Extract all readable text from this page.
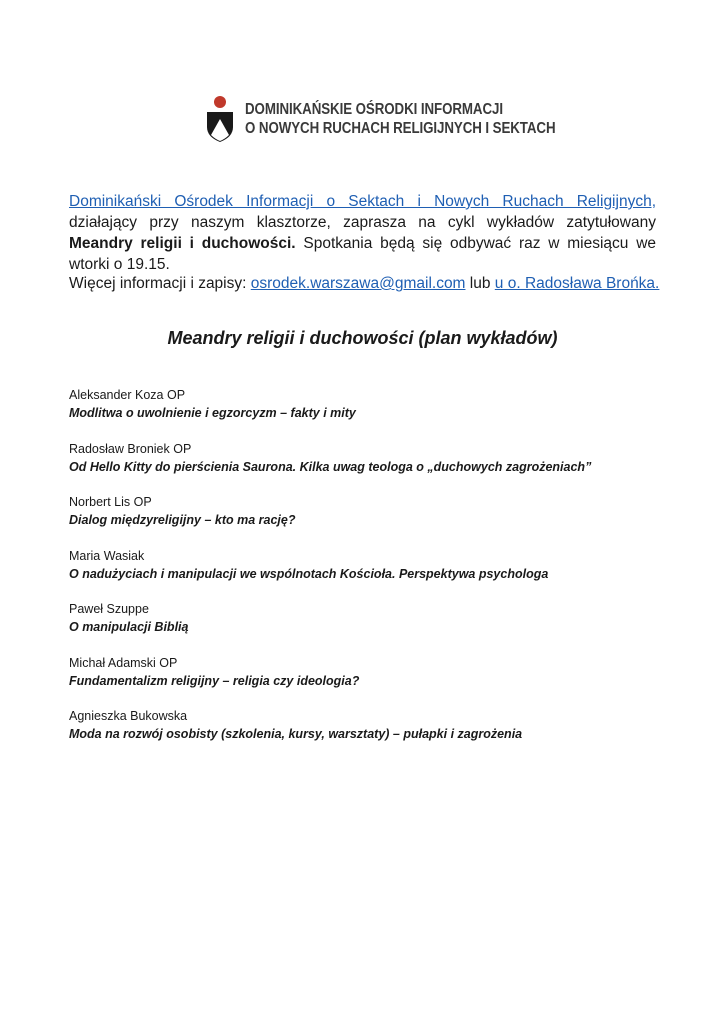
DOMINIKAŃSKIE OŚRODKI INFORMACJI
O NOWYCH RUCHACH RELIGIJNYCH I SEKTACH

Dominikański Ośrodek Informacji o Sektach i Nowych Ruchach Religijnych, działający przy naszym klasztorze, zaprasza na cykl wykładów zatytułowany Meandry religii i duchowości. Spotkania będą się odbywać raz w miesiącu we wtorki o 19.15.

Więcej informacji i zapisy: osrodek.warszawa@gmail.com lub u o. Radosława Brońka.
Meandry religii i duchowości (plan wykładów)
Aleksander Koza OP
Modlitwa o uwolnienie i egzorcyzm – fakty i mity
Radosław Broniek OP
Od Hello Kitty do pierścienia Saurona. Kilka uwag teologa o „duchowych zagrożeniach”
Norbert Lis OP
Dialog międzyreligijny – kto ma rację?
Maria Wasiak
O nadużyciach i manipulacji we wspólnotach Kościoła. Perspektywa psychologa
Paweł Szuppe
O manipulacji Biblią
Michał Adamski OP
Fundamentalizm religijny – religia czy ideologia?
Agnieszka Bukowska
Moda na rozwój osobisty (szkolenia, kursy, warsztaty) – pułapki i zagrożenia
